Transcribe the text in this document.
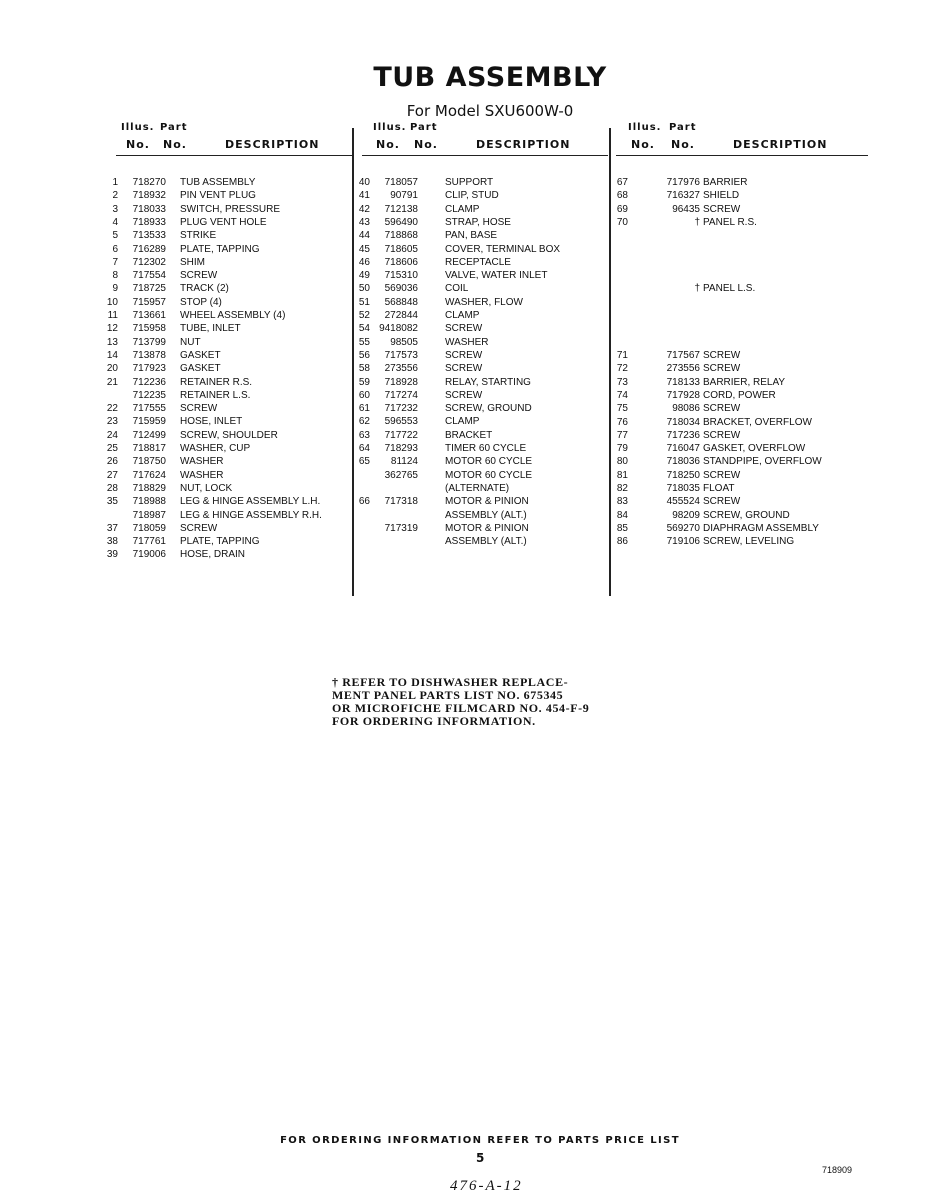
TUB ASSEMBLY
For Model SXU600W-0
Illus. Part
No. No.	DESCRIPTION
1	718270 TUB ASSEMBLY
2	718932 PIN VENT PLUG
3	718033 SWITCH, PRESSURE
4	718933 PLUG VENT HOLE
5	713533 STRIKE
6	716289 PLATE, TAPPING
7	712302 SHIM
8	717554 SCREW
9	718725 TRACK (2)
10	715957 STOP (4)
11	713661 WHEEL ASSEMBLY (4)
12	715958 TUBE, INLET
13	713799 NUT
14	713878 GASKET
20	717923 GASKET
21	712236 RETAINER R.S.
712235 RETAINER L.S.
22	717555 SCREW
23	715959 HOSE, INLET
24	712499 SCREW, SHOULDER
25	718817 WASHER, CUP
26	718750 WASHER
27	717624 WASHER
28	718829 NUT, LOCK
35	718988 LEG & HINGE ASSEMBLY L.H.
718987 LEG & HINGE ASSEMBLY R.H.
37	718059 SCREW
38	717761 PLATE, TAPPING
39	719006 HOSE, DRAIN
Illus. Part
No. No.	DESCRIPTION
40	718057	SUPPORT
41	90791	CLIP, STUD
42	712138	CLAMP
43	596490	STRAP, HOSE
44	718868	PAN, BASE
45	718605	COVER, TERMINAL BOX
46	718606	RECEPTACLE
49	715310	VALVE, WATER INLET
50	569036	COIL
51	568848	WASHER, FLOW
52	272844	CLAMP
54 9418082	SCREW
55	98505	WASHER
56	717573	SCREW
58	273556	SCREW
59	718928	RELAY, STARTING
60	717274	SCREW
61	717232	SCREW, GROUND
62	596553	CLAMP
63	717722	BRACKET
64	718293	TIMER 60 CYCLE
65	81124	MOTOR 60 CYCLE
362765	MOTOR 60 CYCLE
(ALTERNATE)
66	717318	MOTOR & PINION
ASSEMBLY (ALT.)
717319	MOTOR & PINION
ASSEMBLY (ALT.)
Illus. Part
No. No.	DESCRIPTION
67	717976 BARRIER
68	716327 SHIELD
69	96435 SCREW
70	† PANEL R.S.
† PANEL L.S.
71	717567 SCREW
72	273556 SCREW
73	718133 BARRIER, RELAY
74	717928 CORD, POWER
75	98086 SCREW
76	718034 BRACKET, OVERFLOW
77	717236 SCREW
79	716047 GASKET, OVERFLOW
80	718036 STANDPIPE, OVERFLOW
81	718250 SCREW
82	718035 FLOAT
83	455524 SCREW
84	98209 SCREW, GROUND
85	569270 DIAPHRAGM ASSEMBLY
86	719106 SCREW, LEVELING
† REFER TO DISHWASHER REPLACE-
MENT PANEL PARTS LIST NO. 675345
OR MICROFICHE FILMCARD NO. 454-F-9
FOR ORDERING INFORMATION.
FOR ORDERING INFORMATION REFER TO PARTS PRICE LIST
5
718909
476-A-12
